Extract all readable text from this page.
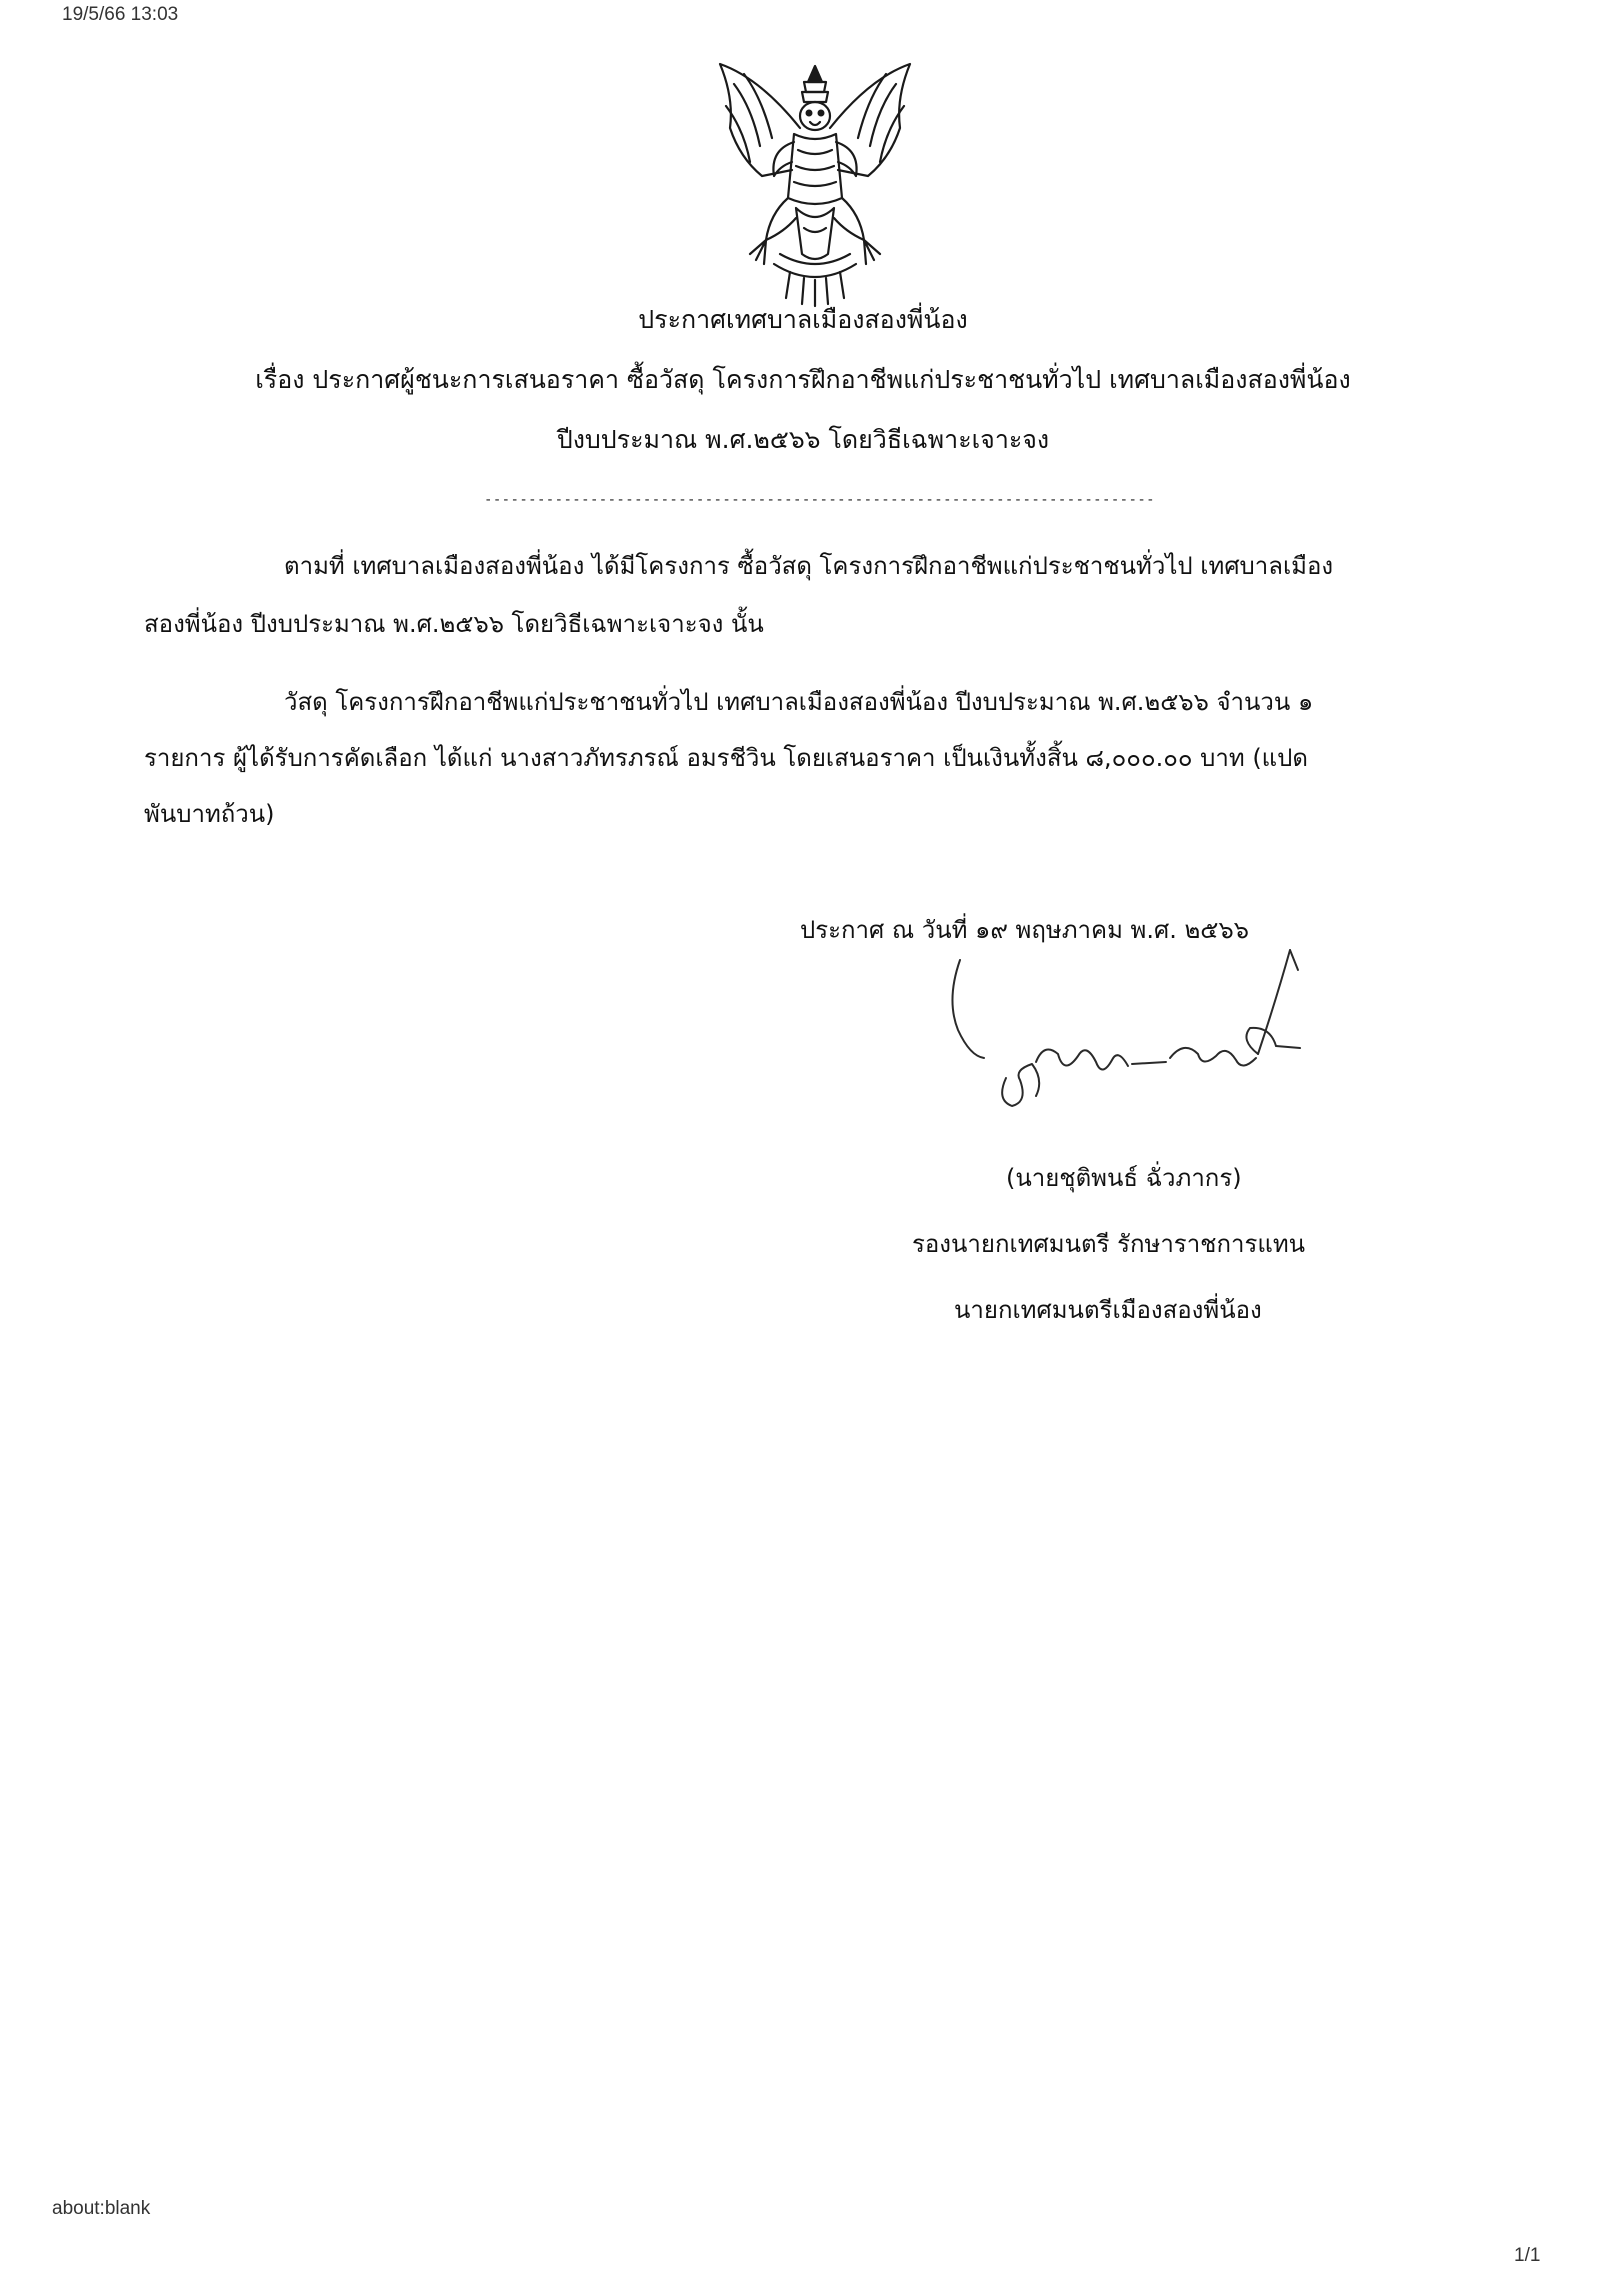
19/5/66 13:03
ประกาศเทศบาลเมืองสองพี่น้อง
เรื่อง ประกาศผู้ชนะการเสนอราคา ซื้อวัสดุ โครงการฝึกอาชีพแก่ประชาชนทั่วไป เทศบาลเมืองสองพี่น้อง
ปีงบประมาณ พ.ศ.๒๕๖๖ โดยวิธีเฉพาะเจาะจง
----------------------------------------------------------------------------
ตามที่ เทศบาลเมืองสองพี่น้อง ได้มีโครงการ ซื้อวัสดุ โครงการฝึกอาชีพแก่ประชาชนทั่วไป เทศบาลเมือง
สองพี่น้อง ปีงบประมาณ พ.ศ.๒๕๖๖ โดยวิธีเฉพาะเจาะจง นั้น
วัสดุ โครงการฝึกอาชีพแก่ประชาชนทั่วไป เทศบาลเมืองสองพี่น้อง ปีงบประมาณ พ.ศ.๒๕๖๖ จำนวน ๑
รายการ ผู้ได้รับการคัดเลือก ได้แก่ นางสาวภัทรภรณ์ อมรชีวิน โดยเสนอราคา เป็นเงินทั้งสิ้น ๘,๐๐๐.๐๐ บาท (แปด
พันบาทถ้วน)
ประกาศ ณ วันที่ ๑๙ พฤษภาคม พ.ศ. ๒๕๖๖
(นายชุติพนธ์ ฉั่วภากร)
รองนายกเทศมนตรี รักษาราชการแทน
นายกเทศมนตรีเมืองสองพี่น้อง
about:blank
1/1
